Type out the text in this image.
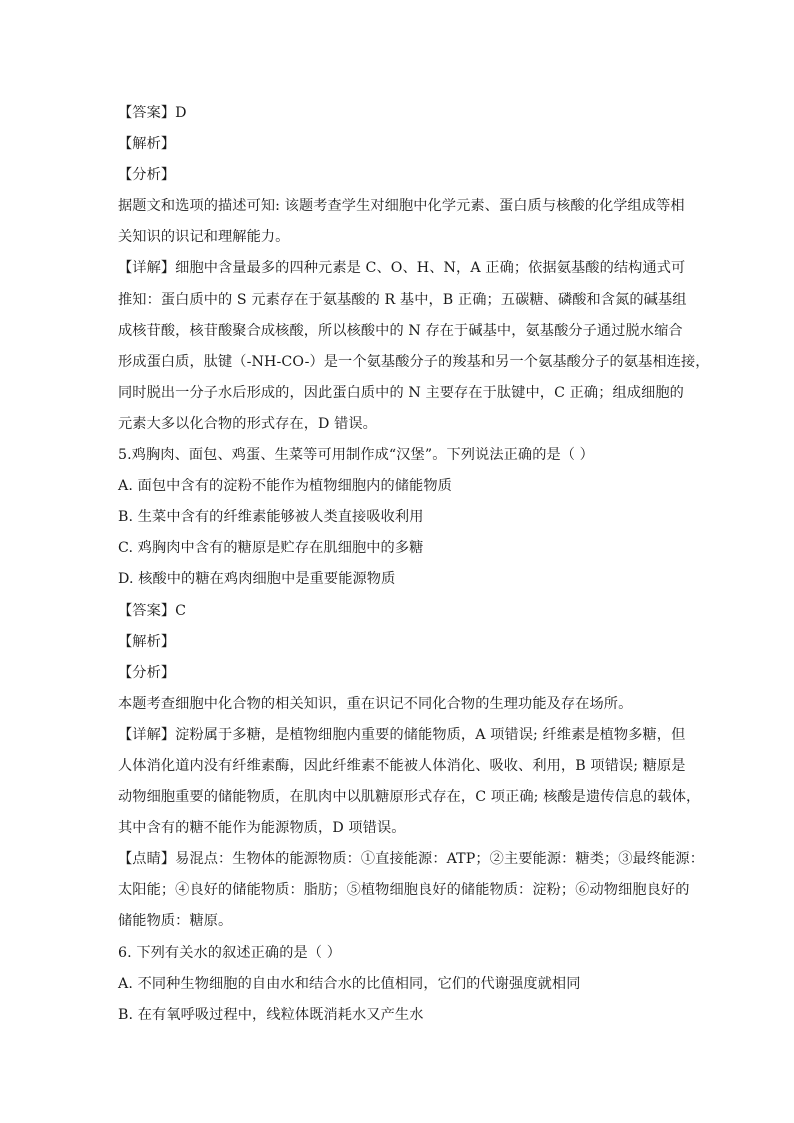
【答案】D
【解析】
【分析】
据题文和选项的描述可知: 该题考查学生对细胞中化学元素、蛋白质与核酸的化学组成等相
关知识的识记和理解能力。
【详解】细胞中含量最多的四种元素是 C、O、H、N，A 正确；依据氨基酸的结构通式可
推知：蛋白质中的 S 元素存在于氨基酸的 R 基中，B 正确；五碳糖、磷酸和含氮的碱基组
成核苷酸，核苷酸聚合成核酸，所以核酸中的 N 存在于碱基中，氨基酸分子通过脱水缩合
形成蛋白质，肽键（-NH-CO-）是一个氨基酸分子的羧基和另一个氨基酸分子的氨基相连接，
同时脱出一分子水后形成的，因此蛋白质中的 N 主要存在于肽键中，C 正确；组成细胞的
元素大多以化合物的形式存在，D 错误。
5.鸡胸肉、面包、鸡蛋、生菜等可用制作成“汉堡”。下列说法正确的是（ ）
A. 面包中含有的淀粉不能作为植物细胞内的储能物质
B. 生菜中含有的纤维素能够被人类直接吸收利用
C. 鸡胸肉中含有的糖原是贮存在肌细胞中的多糖
D. 核酸中的糖在鸡肉细胞中是重要能源物质
【答案】C
【解析】
【分析】
本题考查细胞中化合物的相关知识，重在识记不同化合物的生理功能及存在场所。
【详解】淀粉属于多糖，是植物细胞内重要的储能物质，A 项错误; 纤维素是植物多糖，但
人体消化道内没有纤维素酶，因此纤维素不能被人体消化、吸收、利用，B 项错误; 糖原是
动物细胞重要的储能物质，在肌肉中以肌糖原形式存在，C 项正确; 核酸是遗传信息的载体，
其中含有的糖不能作为能源物质，D 项错误。
【点睛】易混点：生物体的能源物质：①直接能源：ATP；②主要能源：糖类；③最终能源：
太阳能；④良好的储能物质：脂肪；⑤植物细胞良好的储能物质：淀粉；⑥动物细胞良好的
储能物质：糖原。
6. 下列有关水的叙述正确的是（ ）
A. 不同种生物细胞的自由水和结合水的比值相同，它们的代谢强度就相同
B. 在有氧呼吸过程中，线粒体既消耗水又产生水
